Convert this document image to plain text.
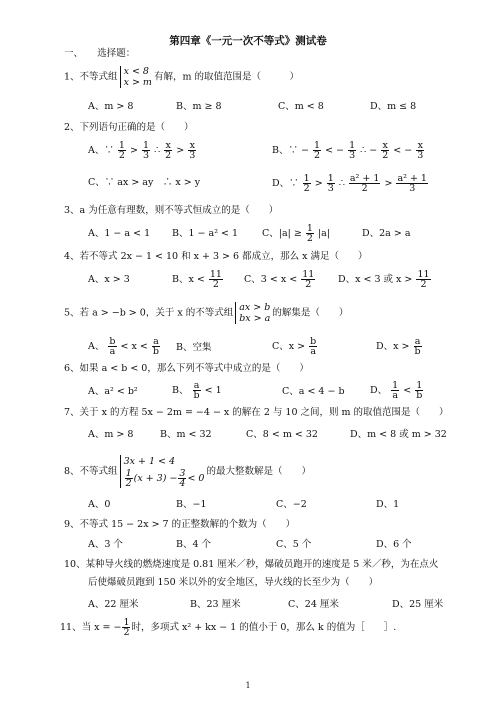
第四章《一元一次不等式》测试卷
一、　　选择题：
1、不等式组 x < 8
x > m 有解，m 的取值范围是（　　　）
A、m > 8	B、m ≥ 8	C、m < 8	D、m ≤ 8
2、下列语句正确的是（　　）
A、∵ $\frac{1}{2} > \frac{1}{3}$ ∴ $\frac{x}{2} > \frac{x}{3}$	B、∵ − $\frac{1}{2}$ < − $\frac{1}{3}$ ∴ − $\frac{x}{2}$ < − $\frac{x}{3}$
C、∵ ax > ay　∴ x > y	D、∵ $\frac{1}{2} > \frac{1}{3}$ ∴ $\frac{\text{a² + 1}}{2} > \frac{\text{a² + 1}}{3}$
3、a 为任意有理数，则不等式恒成立的是（　　）
A、1 − a < 1 B、1 − a² < 1	C、$|a| \ge \frac{1}{2} |a|$	D、2a > a
4、若不等式 2x − 1 < 10 和 x + 3 > 6 都成立，那么 x 满足（　　）
A、x > 3	B、$x < \frac{11}{2}$ C、$3 < x < \frac{11}{2}$ D、x < 3 或 $x > \frac{11}{2}$
5、若 a > −b > 0，关于 x 的不等式组 ax > b
bx > a 的解集是（　　）
A、 $\frac{b}{a} < x < \frac{a}{b}$ B、空集	C、$x > \frac{b}{a}$	D、$x > \frac{a}{b}$
6、如果 a < b < 0，那么下列不等式中成立的是（　　）
A、a² < b²	B、 $\frac{a}{b} < 1$	C、a < 4 − b	D、 $\frac{1}{a} < \frac{1}{b}$
7、关于 x 的方程 5x − 2m = −4 − x 的解在 2 与 10 之间，则 m 的取值范围是（　　）
A、m > 8	B、m < 32	C、8 < m < 32	D、m < 8 或 m > 32
8、不等式组3x + 1 < 4

$\frac{1}{2} (x + 3) - \frac{3}{4} < 0$的最大整数解是（　　）
A、0	B、−1	C、−2	D、1
9、不等式 15 − 2x > 7 的正整数解的个数为（　　）
A、3 个	B、4 个	C、5 个	D、6 个
10、某种导火线的燃烧速度是 0.81 厘米／秒，爆破员跑开的速度是 5 米／秒，为在点火
后使爆破员跑到 150 米以外的安全地区，导火线的长至少为（　　）
A、22 厘米	B、23 厘米	C、24 厘米	D、25 厘米
11、当 x = − $\frac{1}{2}$ 时，多项式 x² + kx − 1 的值小于 0，那么 k 的值为［　　］.
1
